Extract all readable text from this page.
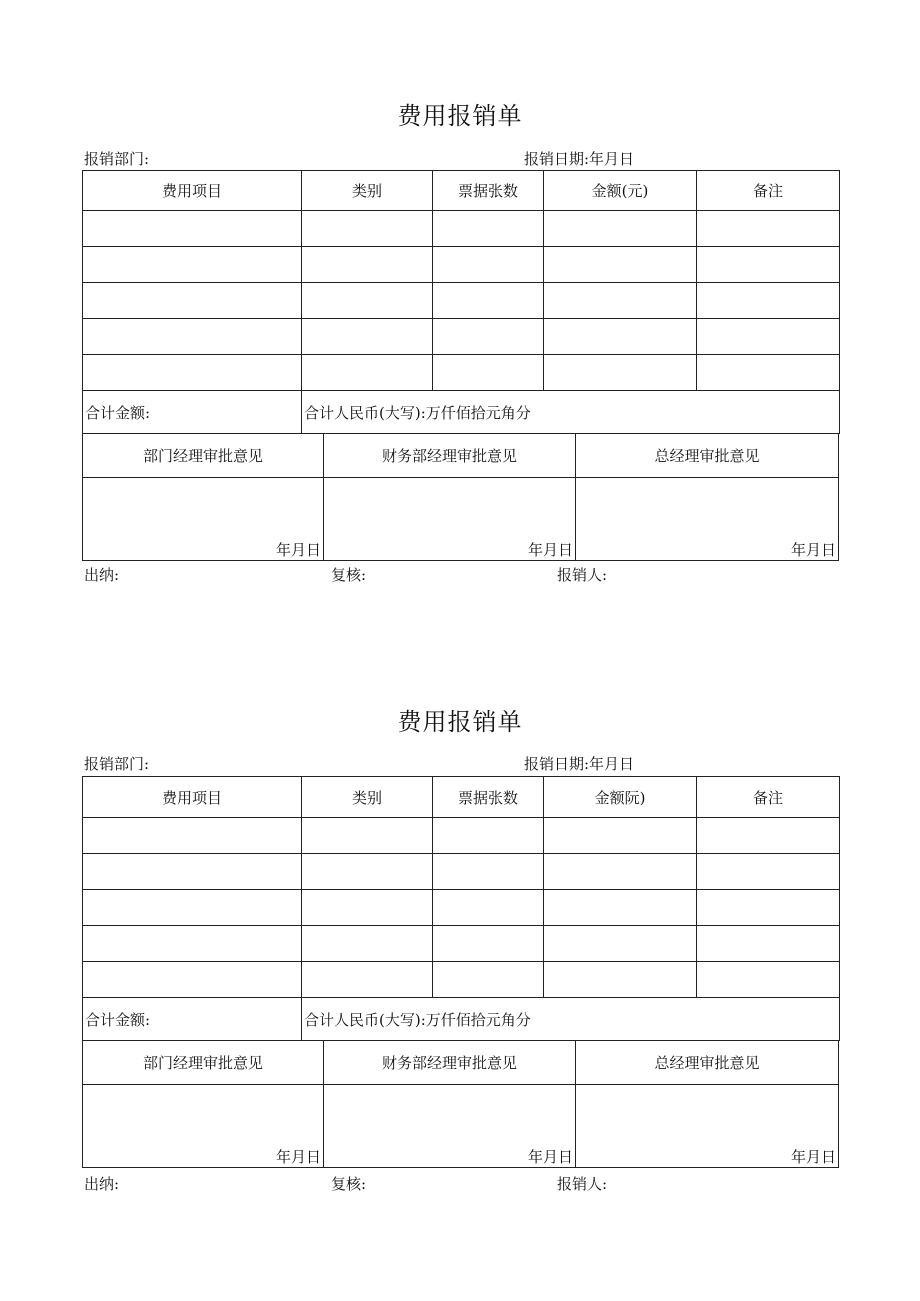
费用报销单
报销部门:	报销日期:年月日
费用项目	类别	票据张数	金额(元)	备注

合计金额:	合计人民币(大写):万仟佰拾元角分			
部门经理审批意见	财务部经理审批意见	总经理审批意见

年月日	年月日	年月日
出纳:	复核:	报销人:
费用报销单
报销部门:	报销日期:年月日
费用项目	类别	票据张数	金额阮)	备注

合计金额:	合计人民币(大写):万仟佰拾元角分			
部门经理审批意见	财务部经理审批意见	总经理审批意见

年月日	年月日	年月日
出纳:	复核:	报销人:
